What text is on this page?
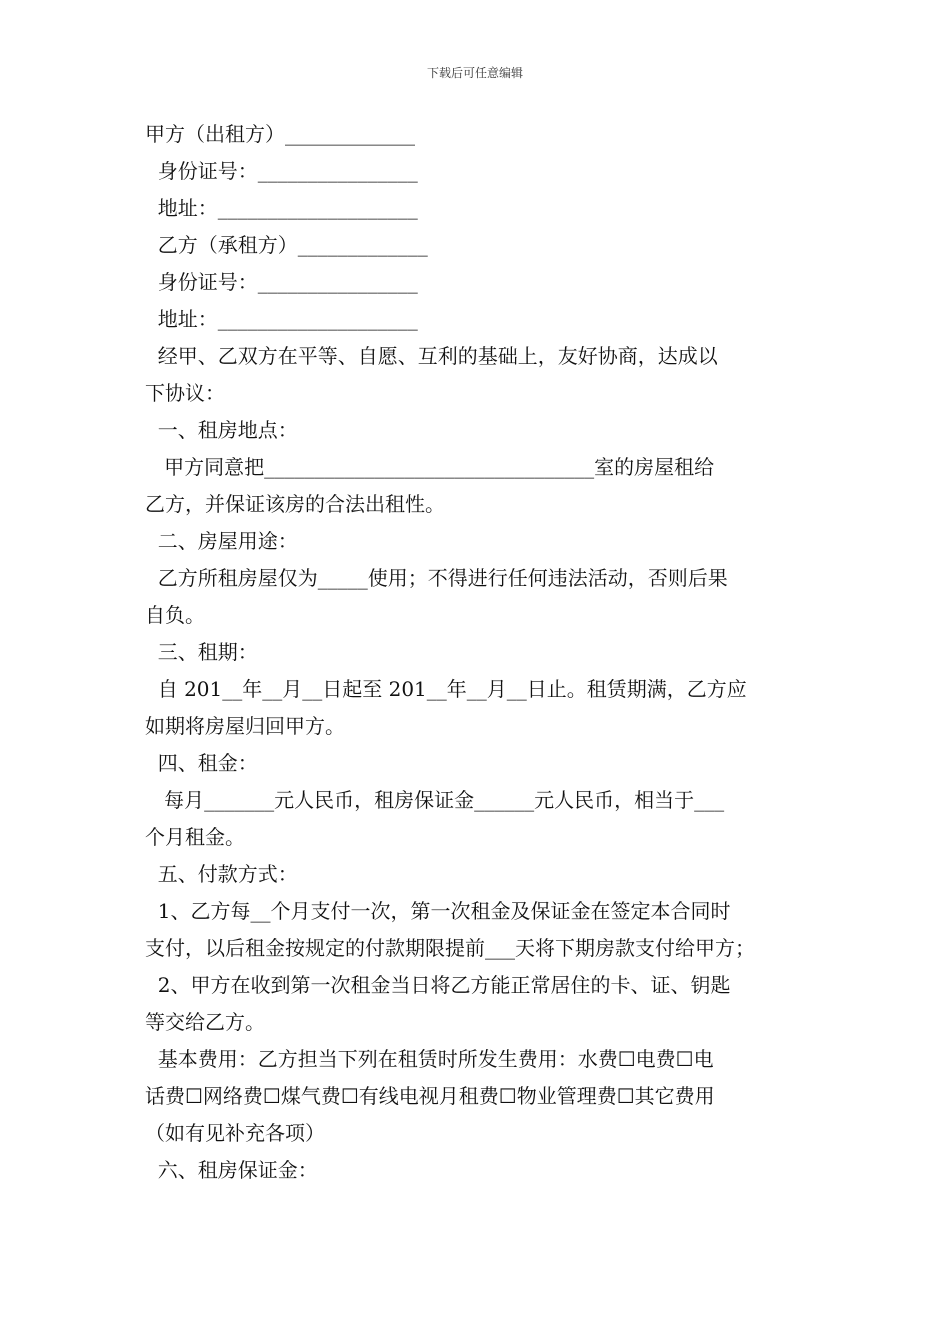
下载后可任意编辑
甲方（出租方）_____________
身份证号：________________
地址：____________________
乙方（承租方）_____________
身份证号：________________
地址：____________________
经甲、乙双方在平等、自愿、互利的基础上，友好协商，达成以
下协议：
一、租房地点：
甲方同意把_________________________________室的房屋租给
乙方，并保证该房的合法出租性。
二、房屋用途：
乙方所租房屋仅为_____使用；不得进行任何违法活动，否则后果
自负。
三、租期：
自 201__年__月__日起至 201__年__月__日止。租赁期满，乙方应
如期将房屋归回甲方。
四、租金：
每月_______元人民币，租房保证金______元人民币，相当于___
个月租金。
五、付款方式：
1、乙方每__个月支付一次，第一次租金及保证金在签定本合同时
支付，以后租金按规定的付款期限提前___天将下期房款支付给甲方；
2、甲方在收到第一次租金当日将乙方能正常居住的卡、证、钥匙
等交给乙方。
基本费用：乙方担当下列在租赁时所发生费用：水费☐电费☐电
话费☐网络费☐煤气费☐有线电视月租费☐物业管理费☐其它费用
（如有见补充各项）
六、租房保证金：
